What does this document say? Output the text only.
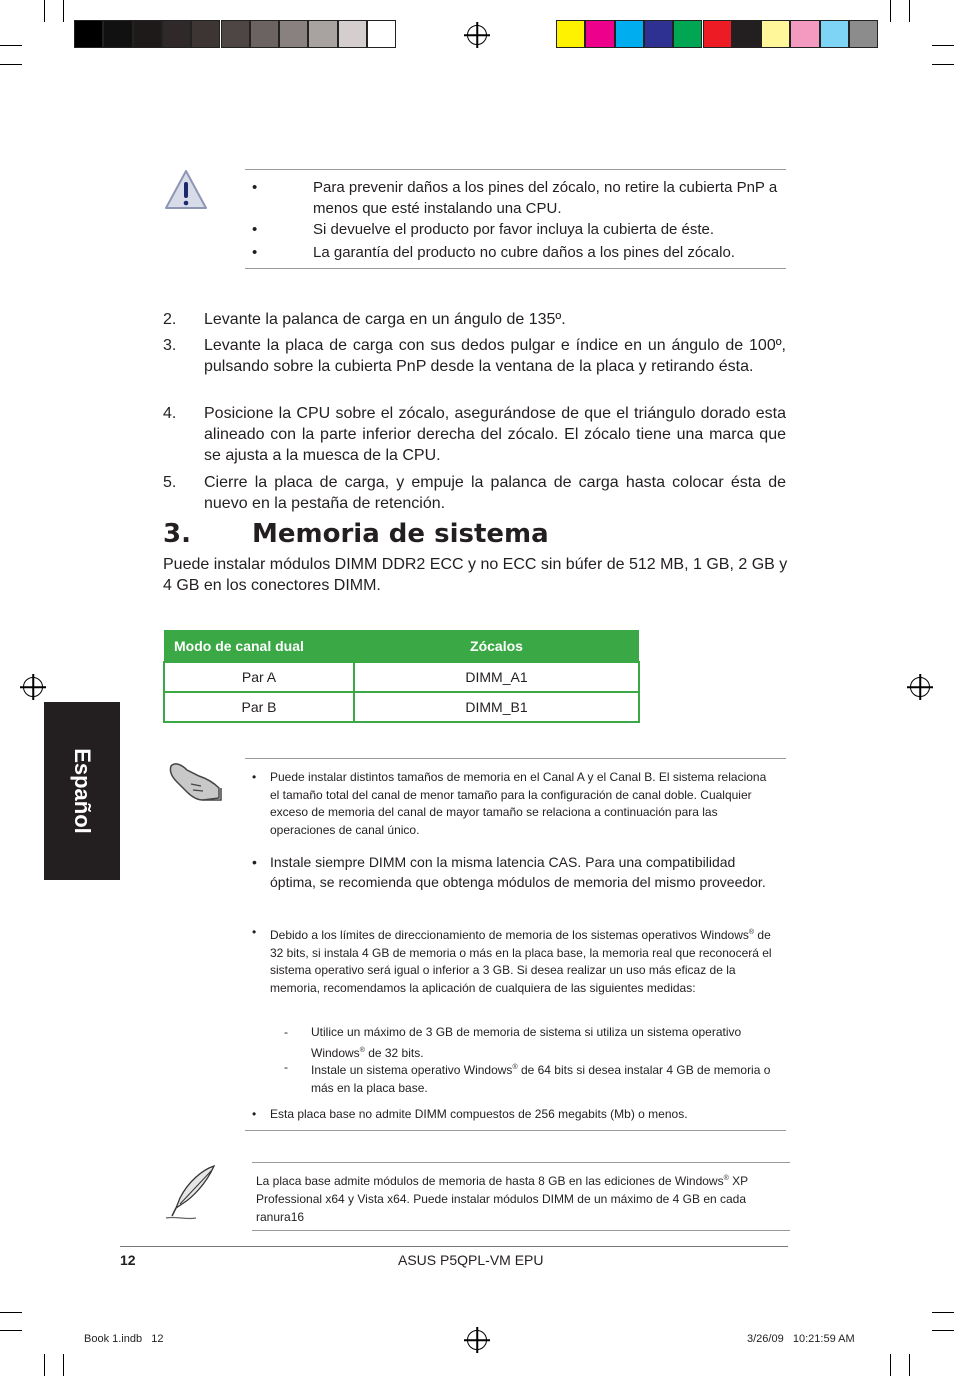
•	Para prevenir daños a los pines del zócalo, no retire la cubierta PnP a menos que esté instalando una CPU.
•	Si devuelve el producto por favor incluya la cubierta de éste.
•	La garantía del producto no cubre daños a los pines del zócalo.
2. Levante la palanca de carga en un ángulo de 135º.
3. Levante la placa de carga con sus dedos pulgar e índice en un ángulo de 100º, pulsando sobre la cubierta PnP desde la ventana de la placa y retirando ésta.
4. Posicione la CPU sobre el zócalo, asegurándose de que el triángulo dorado esta alineado con la parte inferior derecha del zócalo. El zócalo tiene una marca que se ajusta a la muesca de la CPU.
5. Cierre la placa de carga, y empuje la palanca de carga hasta colocar ésta de nuevo en la pestaña de retención.
3. Memoria de sistema
Puede instalar módulos DIMM DDR2 ECC y no ECC sin búfer de 512 MB, 1 GB, 2 GB y 4 GB en los conectores DIMM.
Modo de canal dual	Zócalos
Par A	DIMM_A1
Par B	DIMM_B1
Español	• Puede instalar distintos tamaños de memoria en el Canal A y el Canal B. El sistema relaciona el tamaño total del canal de menor tamaño para la configuración de canal doble. Cualquier exceso de memoria del canal de mayor tamaño se relaciona a continuación para las operaciones de canal único.
• Instale siempre DIMM con la misma latencia CAS. Para una compatibilidad óptima, se recomienda que obtenga módulos de memoria del mismo proveedor.
• Debido a los límites de direccionamiento de memoria de los sistemas operativos Windows® de 32 bits, si instala 4 GB de memoria o más en la placa base, la memoria real que reconocerá el sistema operativo será igual o inferior a 3 GB. Si desea realizar un uso más eficaz de la memoria, recomendamos la aplicación de cualquiera de las siguientes medidas:
- Utilice un máximo de 3 GB de memoria de sistema si utiliza un sistema operativo Windows® de 32 bits.
- Instale un sistema operativo Windows® de 64 bits si desea instalar 4 GB de memoria o más en la placa base.
• Esta placa base no admite DIMM compuestos de 256 megabits (Mb) o menos.
La placa base admite módulos de memoria de hasta 8 GB en las ediciones de Windows® XP Professional x64 y Vista x64. Puede instalar módulos DIMM de un máximo de 4 GB en cada ranura16
12	ASUS P5QPL-VM EPU
Book 1.indb   12	3/26/09   10:21:59 AM
